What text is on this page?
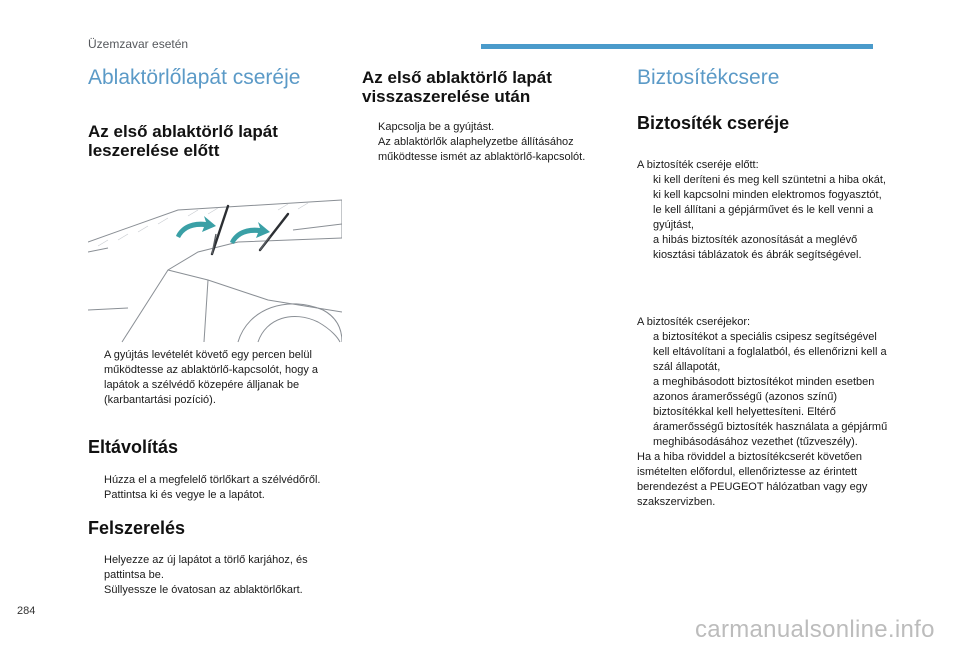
Üzemzavar esetén
Ablaktörlőlapát cseréje
Az első ablaktörlő lapát leszerelése előtt
A gyújtás levételét követő egy percen belül működtesse az ablaktörlő-kapcsolót, hogy a lapátok a szélvédő közepére álljanak be (karbantartási pozíció).
Eltávolítás
Húzza el a megfelelő törlőkart a szélvédőről.
Pattintsa ki és vegye le a lapátot.
Felszerelés
Helyezze az új lapátot a törlő karjához, és pattintsa be.
Süllyessze le óvatosan az ablaktörlőkart.
Az első ablaktörlő lapát visszaszerelése után
Kapcsolja be a gyújtást.
Az ablaktörlők alaphelyzetbe állításához működtesse ismét az ablaktörlő-kapcsolót.
Biztosítékcsere
Biztosíték cseréje

A biztosíték cseréje előtt:

ki kell deríteni és meg kell szüntetni a hiba okát,
ki kell kapcsolni minden elektromos fogyasztót,
le kell állítani a gépjárművet és le kell venni a gyújtást,
a hibás biztosíték azonosítását a meglévő kiosztási táblázatok és ábrák segítségével.

A biztosíték cseréjekor:

a biztosítékot a speciális csipesz segítségével kell eltávolítani a foglalatból, és ellenőrizni kell a szál állapotát,
a meghibásodott biztosítékot minden esetben azonos áramerősségű (azonos színű) biztosítékkal kell helyettesíteni. Eltérő áramerősségű biztosíték használata a gépjármű meghibásodásához vezethet (tűzveszély).

Ha a hiba röviddel a biztosítékcserét követően ismételten előfordul, ellenőriztesse az érintett berendezést a PEUGEOT hálózatban vagy egy szakszervizben.

284
carmanualsonline.info
